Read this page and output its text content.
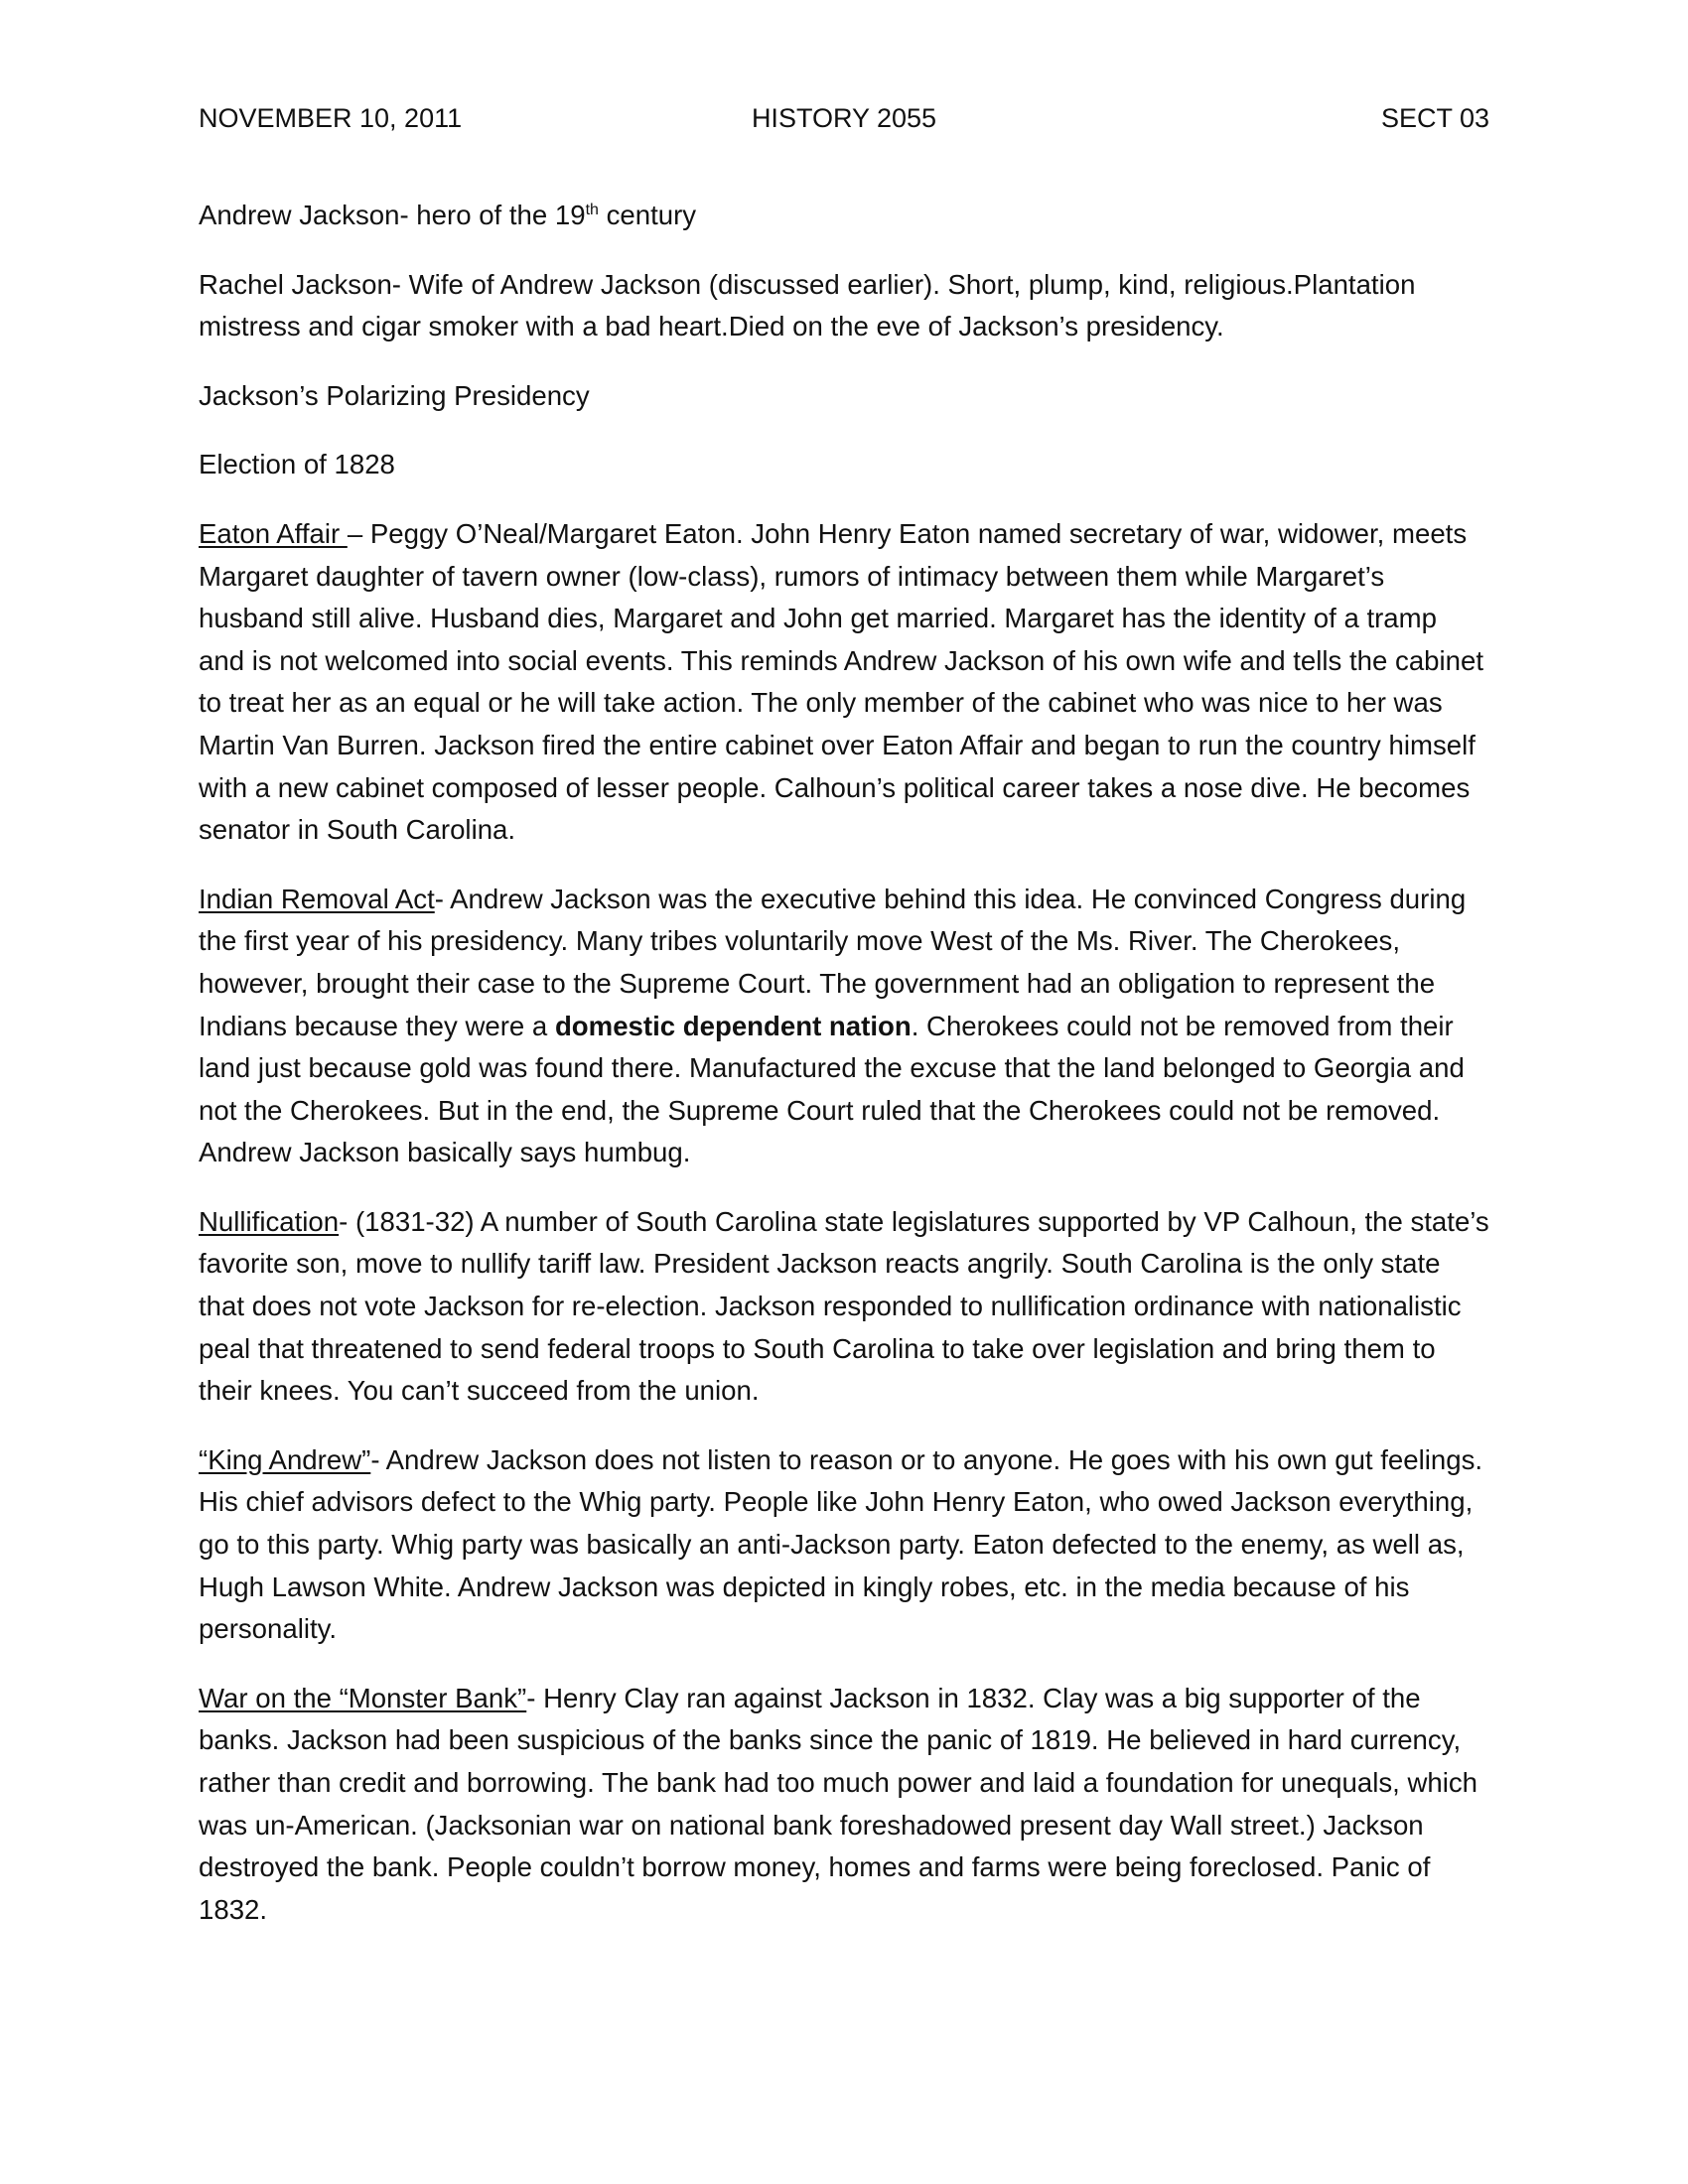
NOVEMBER 10, 2011	HISTORY 2055	SECT 03

Andrew Jackson- hero of the 19th century

Rachel Jackson- Wife of Andrew Jackson (discussed earlier). Short, plump, kind, religious.Plantation mistress and cigar smoker with a bad heart.Died on the eve of Jackson’s presidency.

Jackson’s Polarizing Presidency

Election of 1828

Eaton Affair – Peggy O’Neal/Margaret Eaton. John Henry Eaton named secretary of war, widower, meets Margaret daughter of tavern owner (low-class), rumors of intimacy between them while Margaret’s husband still alive. Husband dies, Margaret and John get married. Margaret has the identity of a tramp and is not welcomed into social events. This reminds Andrew Jackson of his own wife and tells the cabinet to treat her as an equal or he will take action. The only member of the cabinet who was nice to her was Martin Van Burren. Jackson fired the entire cabinet over Eaton Affair and began to run the country himself with a new cabinet composed of lesser people. Calhoun’s political career takes a nose dive. He becomes senator in South Carolina.

Indian Removal Act- Andrew Jackson was the executive behind this idea. He convinced Congress during the first year of his presidency. Many tribes voluntarily move West of the Ms. River. The Cherokees, however, brought their case to the Supreme Court. The government had an obligation to represent the Indians because they were a domestic dependent nation. Cherokees could not be removed from their land just because gold was found there. Manufactured the excuse that the land belonged to Georgia and not the Cherokees. But in the end, the Supreme Court ruled that the Cherokees could not be removed. Andrew Jackson basically says humbug.

Nullification- (1831-32) A number of South Carolina state legislatures supported by VP Calhoun, the state’s favorite son, move to nullify tariff law. President Jackson reacts angrily. South Carolina is the only state that does not vote Jackson for re-election. Jackson responded to nullification ordinance with nationalistic peal that threatened to send federal troops to South Carolina to take over legislation and bring them to their knees. You can’t succeed from the union.

“King Andrew”- Andrew Jackson does not listen to reason or to anyone. He goes with his own gut feelings. His chief advisors defect to the Whig party. People like John Henry Eaton, who owed Jackson everything, go to this party. Whig party was basically an anti-Jackson party. Eaton defected to the enemy, as well as, Hugh Lawson White. Andrew Jackson was depicted in kingly robes, etc. in the media because of his personality.

War on the “Monster Bank”- Henry Clay ran against Jackson in 1832. Clay was a big supporter of the banks. Jackson had been suspicious of the banks since the panic of 1819. He believed in hard currency, rather than credit and borrowing. The bank had too much power and laid a foundation for unequals, which was un-American. (Jacksonian war on national bank foreshadowed present day Wall street.) Jackson destroyed the bank. People couldn’t borrow money, homes and farms were being foreclosed. Panic of 1832.
